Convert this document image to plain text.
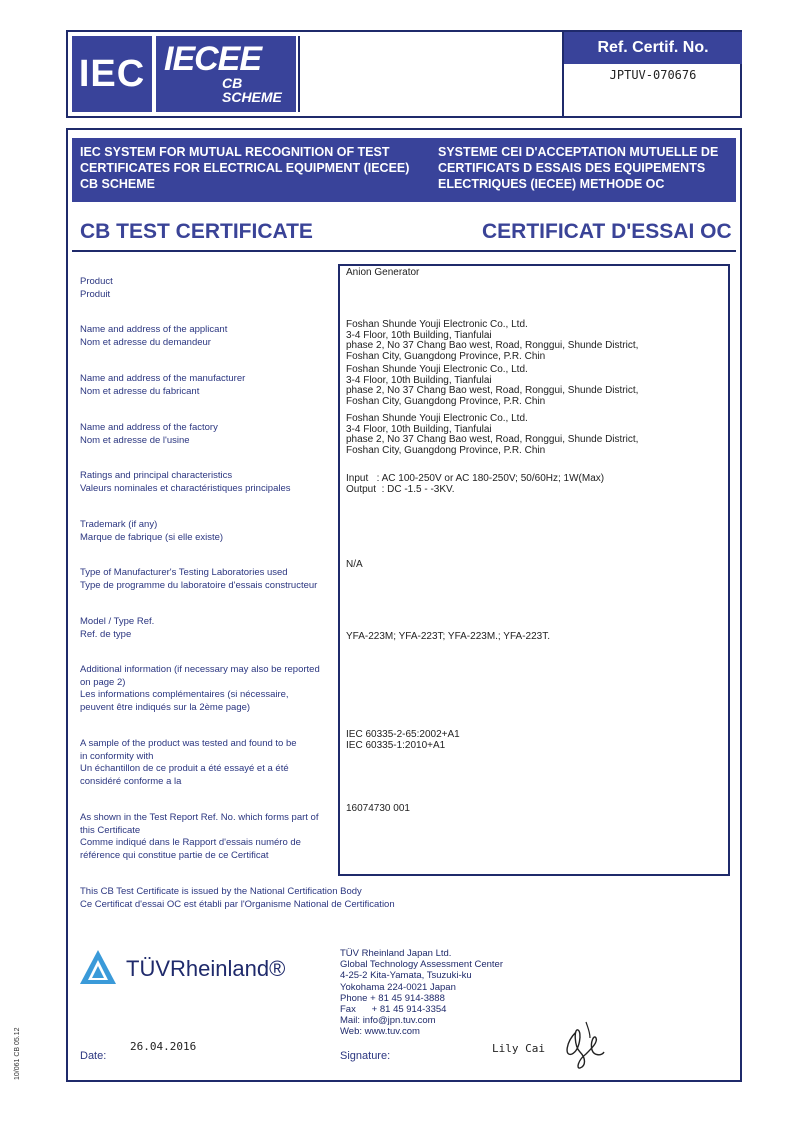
IEC IECEE
CB
SCHEME
Ref. Certif. No.
JPTUV-070676
IEC SYSTEM FOR MUTUAL RECOGNITION OF TEST CERTIFICATES FOR ELECTRICAL EQUIPMENT (IECEE) CB SCHEME
SYSTEME CEI D'ACCEPTATION MUTUELLE DE CERTIFICATS D ESSAIS DES EQUIPEMENTS ELECTRIQUES (IECEE) METHODE OC
CB TEST CERTIFICATE	CERTIFICAT D'ESSAI OC
Product
Produit
Name and address of the applicant
Nom et adresse du demandeur
Name and address of the manufacturer
Nom et adresse du fabricant
Name and address of the factory
Nom et adresse de l'usine
Ratings and principal characteristics
Valeurs nominales et charactéristiques principales
Trademark (if any)
Marque de fabrique (si elle existe)
Type of Manufacturer's Testing Laboratories used
Type de programme du laboratoire d'essais constructeur
Model / Type Ref.
Ref. de type
Additional information (if necessary may also be reported on page 2)
Les informations complémentaires (si nécessaire, peuvent être indiqués sur la 2ème page)
A sample of the product was tested and found to be in conformity with
Un échantillon de ce produit a été essayé et a été considéré conforme a la
As shown in the Test Report Ref. No. which forms part of this Certificate
Comme indiqué dans le Rapport d'essais numéro de référence qui constitue partie de ce Certificat
Anion Generator
Foshan Shunde Youji Electronic Co., Ltd.
3-4 Floor, 10th Building, Tianfulai
phase 2, No 37 Chang Bao west, Road, Ronggui, Shunde District,
Foshan City, Guangdong Province, P.R. Chin
Foshan Shunde Youji Electronic Co., Ltd.
3-4 Floor, 10th Building, Tianfulai
phase 2, No 37 Chang Bao west, Road, Ronggui, Shunde District,
Foshan City, Guangdong Province, P.R. Chin
Foshan Shunde Youji Electronic Co., Ltd.
3-4 Floor, 10th Building, Tianfulai
phase 2, No 37 Chang Bao west, Road, Ronggui, Shunde District,
Foshan City, Guangdong Province, P.R. Chin
Input   : AC 100-250V or AC 180-250V; 50/60Hz; 1W(Max)
Output  : DC -1.5 - -3KV.
N/A
YFA-223M; YFA-223T; YFA-223M.; YFA-223T.
IEC 60335-2-65:2002+A1
IEC 60335-1:2010+A1
16074730 001
This CB Test Certificate is issued by the National Certification Body
Ce Certificat d'essai OC est établi par l'Organisme National de Certification
TÜVRheinland®
TÜV Rheinland Japan Ltd.
Global Technology Assessment Center
4-25-2 Kita-Yamata, Tsuzuki-ku
Yokohama 224-0021 Japan
Phone + 81 45 914-3888
Fax      + 81 45 914-3354
Mail: info@jpn.tuv.com
Web: www.tuv.com
Date:
26.04.2016
Signature:
Lily Cai
10/061 CB 05.12
